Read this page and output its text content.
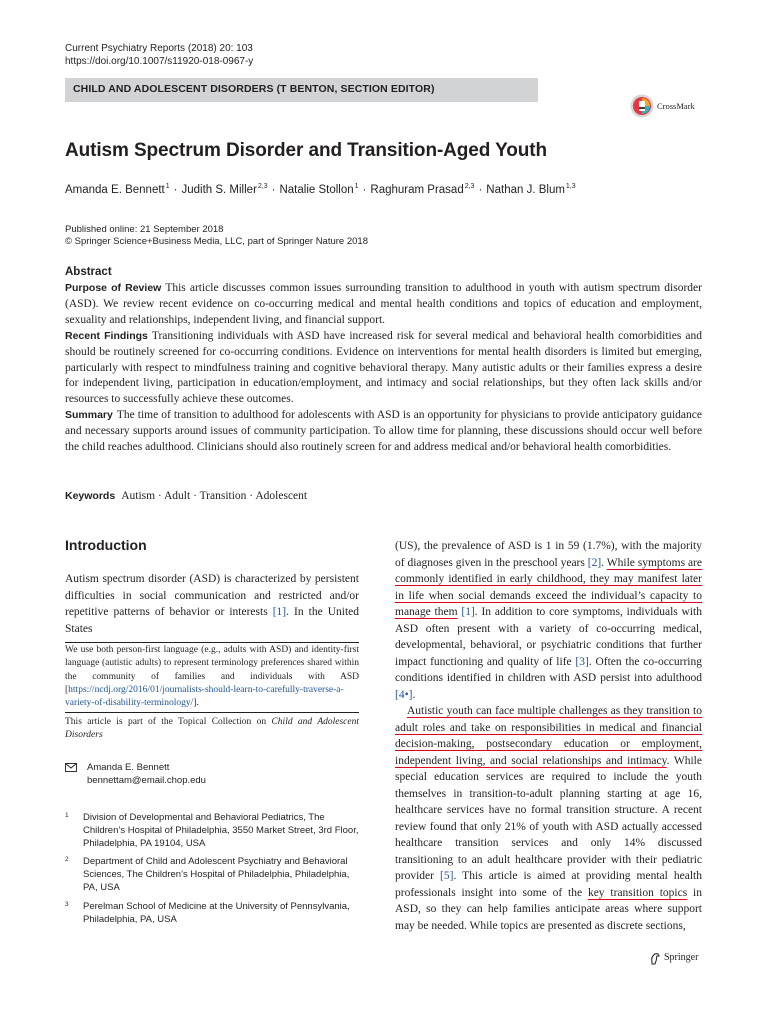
Current Psychiatry Reports (2018) 20: 103
https://doi.org/10.1007/s11920-018-0967-y
CHILD AND ADOLESCENT DISORDERS (T BENTON, SECTION EDITOR)
CrossMark
Autism Spectrum Disorder and Transition-Aged Youth
Amanda E. Bennett$^1$ · Judith S. Miller$^{2,3}$ · Natalie Stollon$^1$ · Raghuram Prasad$^{2,3}$ · Nathan J. Blum$^{1,3}$
Published online: 21 September 2018
© Springer Science+Business Media, LLC, part of Springer Nature 2018
Abstract

Purpose of Review This article discusses common issues surrounding transition to adulthood in youth with autism spectrum disorder (ASD). We review recent evidence on co-occurring medical and mental health conditions and topics of education and employment, sexuality and relationships, independent living, and financial support.

Recent Findings Transitioning individuals with ASD have increased risk for several medical and behavioral health comorbidities and should be routinely screened for co-occurring conditions. Evidence on interventions for mental health disorders is limited but emerging, particularly with respect to mindfulness training and cognitive behavioral therapy. Many autistic adults or their families express a desire for independent living, participation in education/employment, and intimacy and social relationships, but they often lack skills and/or resources to successfully achieve these outcomes.

Summary The time of transition to adulthood for adolescents with ASD is an opportunity for physicians to provide anticipatory guidance and necessary supports around issues of community participation. To allow time for planning, these discussions should occur well before the child reaches adulthood. Clinicians should also routinely screen for and address medical and/or behavioral health comorbidities.

Keywords Autism · Adult · Transition · Adolescent
Introduction

Autism spectrum disorder (ASD) is characterized by persistent difficulties in social communication and restricted and/or repetitive patterns of behavior or interests [1]. In the United States

We use both person-first language (e.g., adults with ASD) and identity-first language (autistic adults) to represent terminology preferences shared within the community of families and individuals with ASD [https://ncdj.org/2016/01/journalists-should-learn-to-carefully-traverse-a-variety-of-disability-terminology/].

This article is part of the Topical Collection on Child and Adolescent Disorders

Amanda E. Bennett
bennettam@email.chop.edu
1 Division of Developmental and Behavioral Pediatrics, The Children’s Hospital of Philadelphia, 3550 Market Street, 3rd Floor, Philadelphia, PA 19104, USA
2 Department of Child and Adolescent Psychiatry and Behavioral Sciences, The Children’s Hospital of Philadelphia, Philadelphia, PA, USA
3 Perelman School of Medicine at the University of Pennsylvania, Philadelphia, PA, USA

(US), the prevalence of ASD is 1 in 59 (1.7%), with the majority of diagnoses given in the preschool years [2]. While symptoms are commonly identified in early childhood, they may manifest later in life when social demands exceed the individual’s capacity to manage them [1]. In addition to core symptoms, individuals with ASD often present with a variety of co-occurring medical, developmental, behavioral, or psychiatric conditions that further impact functioning and quality of life [3]. Often the co-occurring conditions identified in children with ASD persist into adulthood [4•].

Autistic youth can face multiple challenges as they transition to adult roles and take on responsibilities in medical and financial decision-making, postsecondary education or employment, independent living, and social relationships and intimacy. While special education services are required to include the youth themselves in transition-to-adult planning starting at age 16, healthcare services have no formal transition structure. A recent review found that only 21% of youth with ASD actually accessed healthcare transition services and only 14% discussed transitioning to an adult healthcare provider with their pediatric provider [5]. This article is aimed at providing mental health professionals insight into some of the key transition topics in ASD, so they can help families anticipate areas where support may be needed. While topics are presented as discrete sections,

Springer
